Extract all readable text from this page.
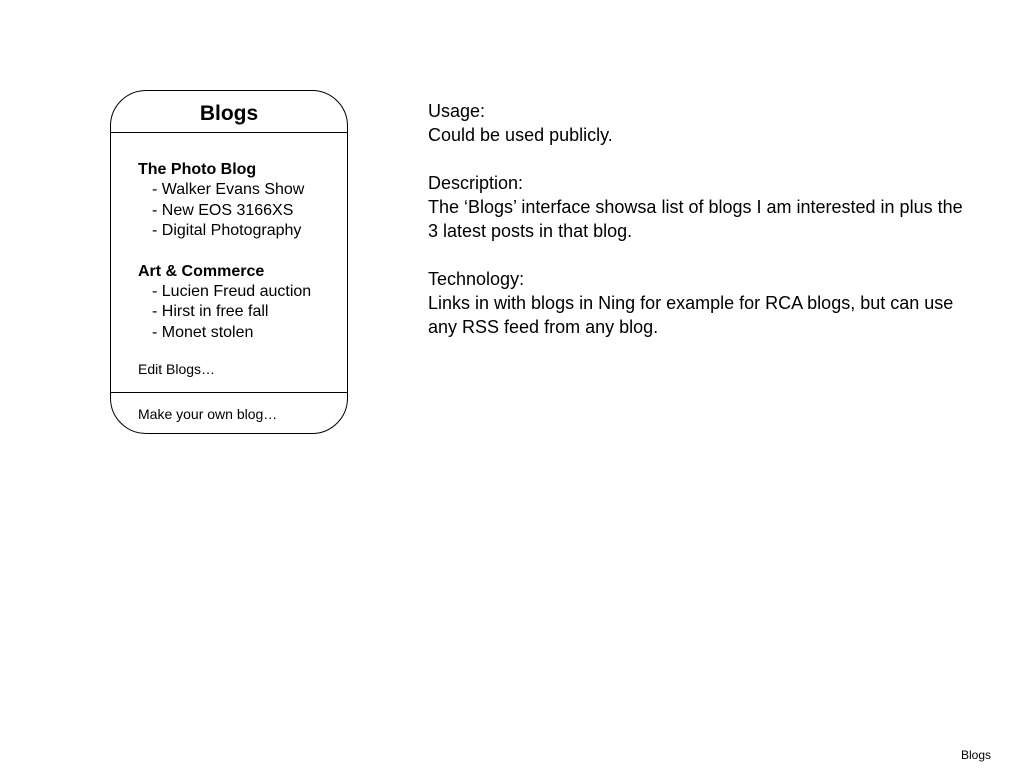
Blogs
The Photo Blog
- Walker Evans Show
- New EOS 3166XS
- Digital Photography
Art & Commerce
- Lucien Freud auction
- Hirst in free fall
- Monet stolen
Edit Blogs…
Make your own blog…
Usage:
Could be used publicly.
Description:
The ‘Blogs’ interface showsa list of blogs I am interested in plus the 3 latest posts in that blog.
Technology:
Links in with blogs in Ning for example for RCA blogs, but can use any RSS feed from any blog.
Blogs
